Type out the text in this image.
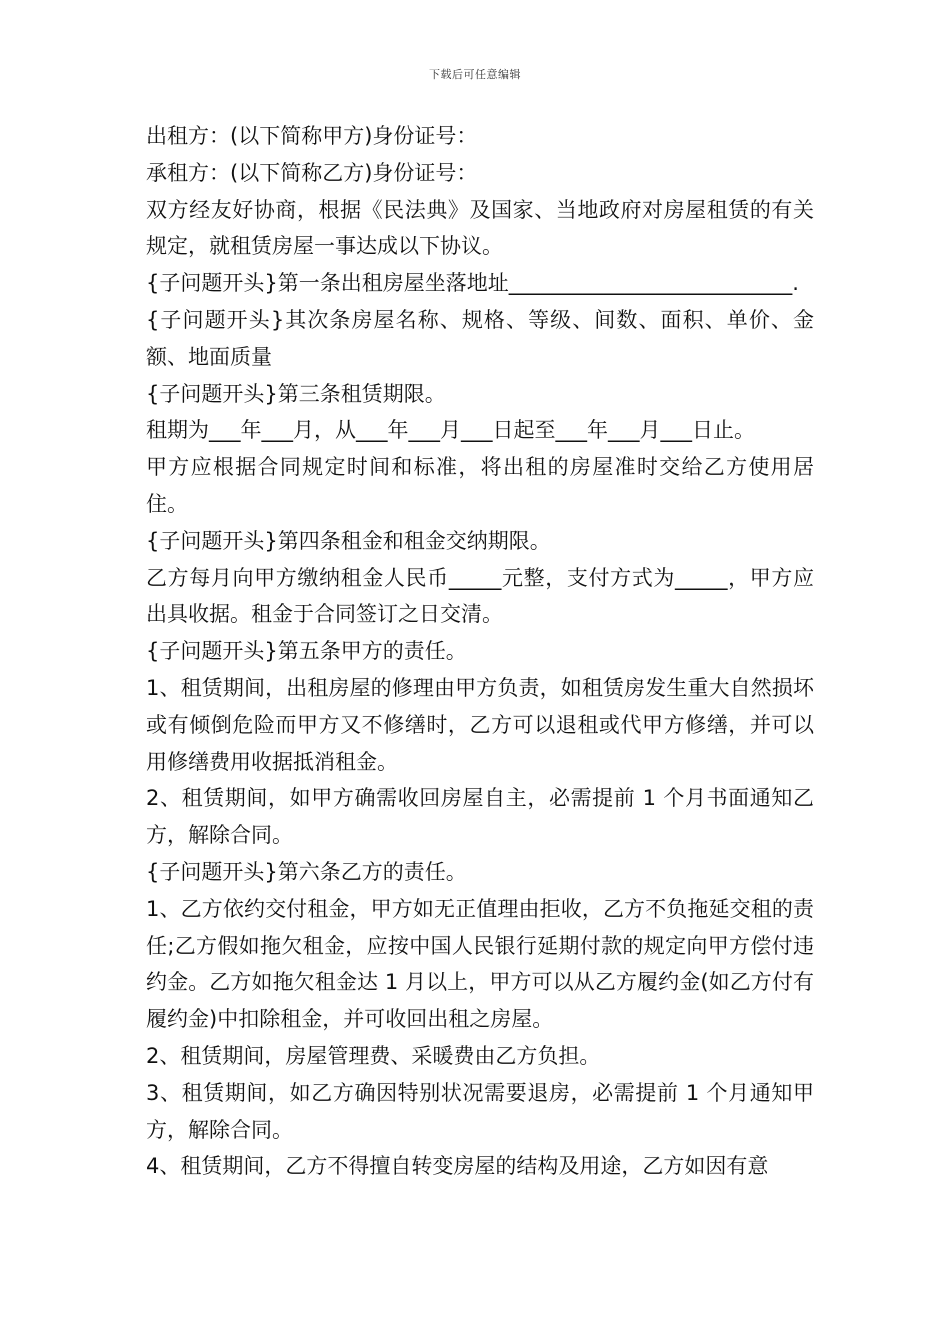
下载后可任意编辑

出租方：(以下简称甲方)身份证号：

承租方：(以下简称乙方)身份证号：

双方经友好协商，根据《民法典》及国家、当地政府对房屋租赁的有关规定，就租赁房屋一事达成以下协议。

{子问题开头}第一条出租房屋坐落地址___________________________.

{子问题开头}其次条房屋名称、规格、等级、间数、面积、单价、金额、地面质量

{子问题开头}第三条租赁期限。

租期为___年___月，从___年___月___日起至___年___月___日止。

甲方应根据合同规定时间和标准，将出租的房屋准时交给乙方使用居住。

{子问题开头}第四条租金和租金交纳期限。

乙方每月向甲方缴纳租金人民币_____元整，支付方式为_____，甲方应出具收据。租金于合同签订之日交清。

{子问题开头}第五条甲方的责任。

1、租赁期间，出租房屋的修理由甲方负责，如租赁房发生重大自然损坏或有倾倒危险而甲方又不修缮时，乙方可以退租或代甲方修缮，并可以用修缮费用收据抵消租金。

2、租赁期间，如甲方确需收回房屋自主，必需提前 1 个月书面通知乙方，解除合同。

{子问题开头}第六条乙方的责任。

1、乙方依约交付租金，甲方如无正值理由拒收，乙方不负拖延交租的责任;乙方假如拖欠租金，应按中国人民银行延期付款的规定向甲方偿付违约金。乙方如拖欠租金达 1 月以上，甲方可以从乙方履约金(如乙方付有履约金)中扣除租金，并可收回出租之房屋。

2、租赁期间，房屋管理费、采暖费由乙方负担。

3、租赁期间，如乙方确因特别状况需要退房，必需提前 1 个月通知甲方，解除合同。

4、租赁期间，乙方不得擅自转变房屋的结构及用途，乙方如因有意
